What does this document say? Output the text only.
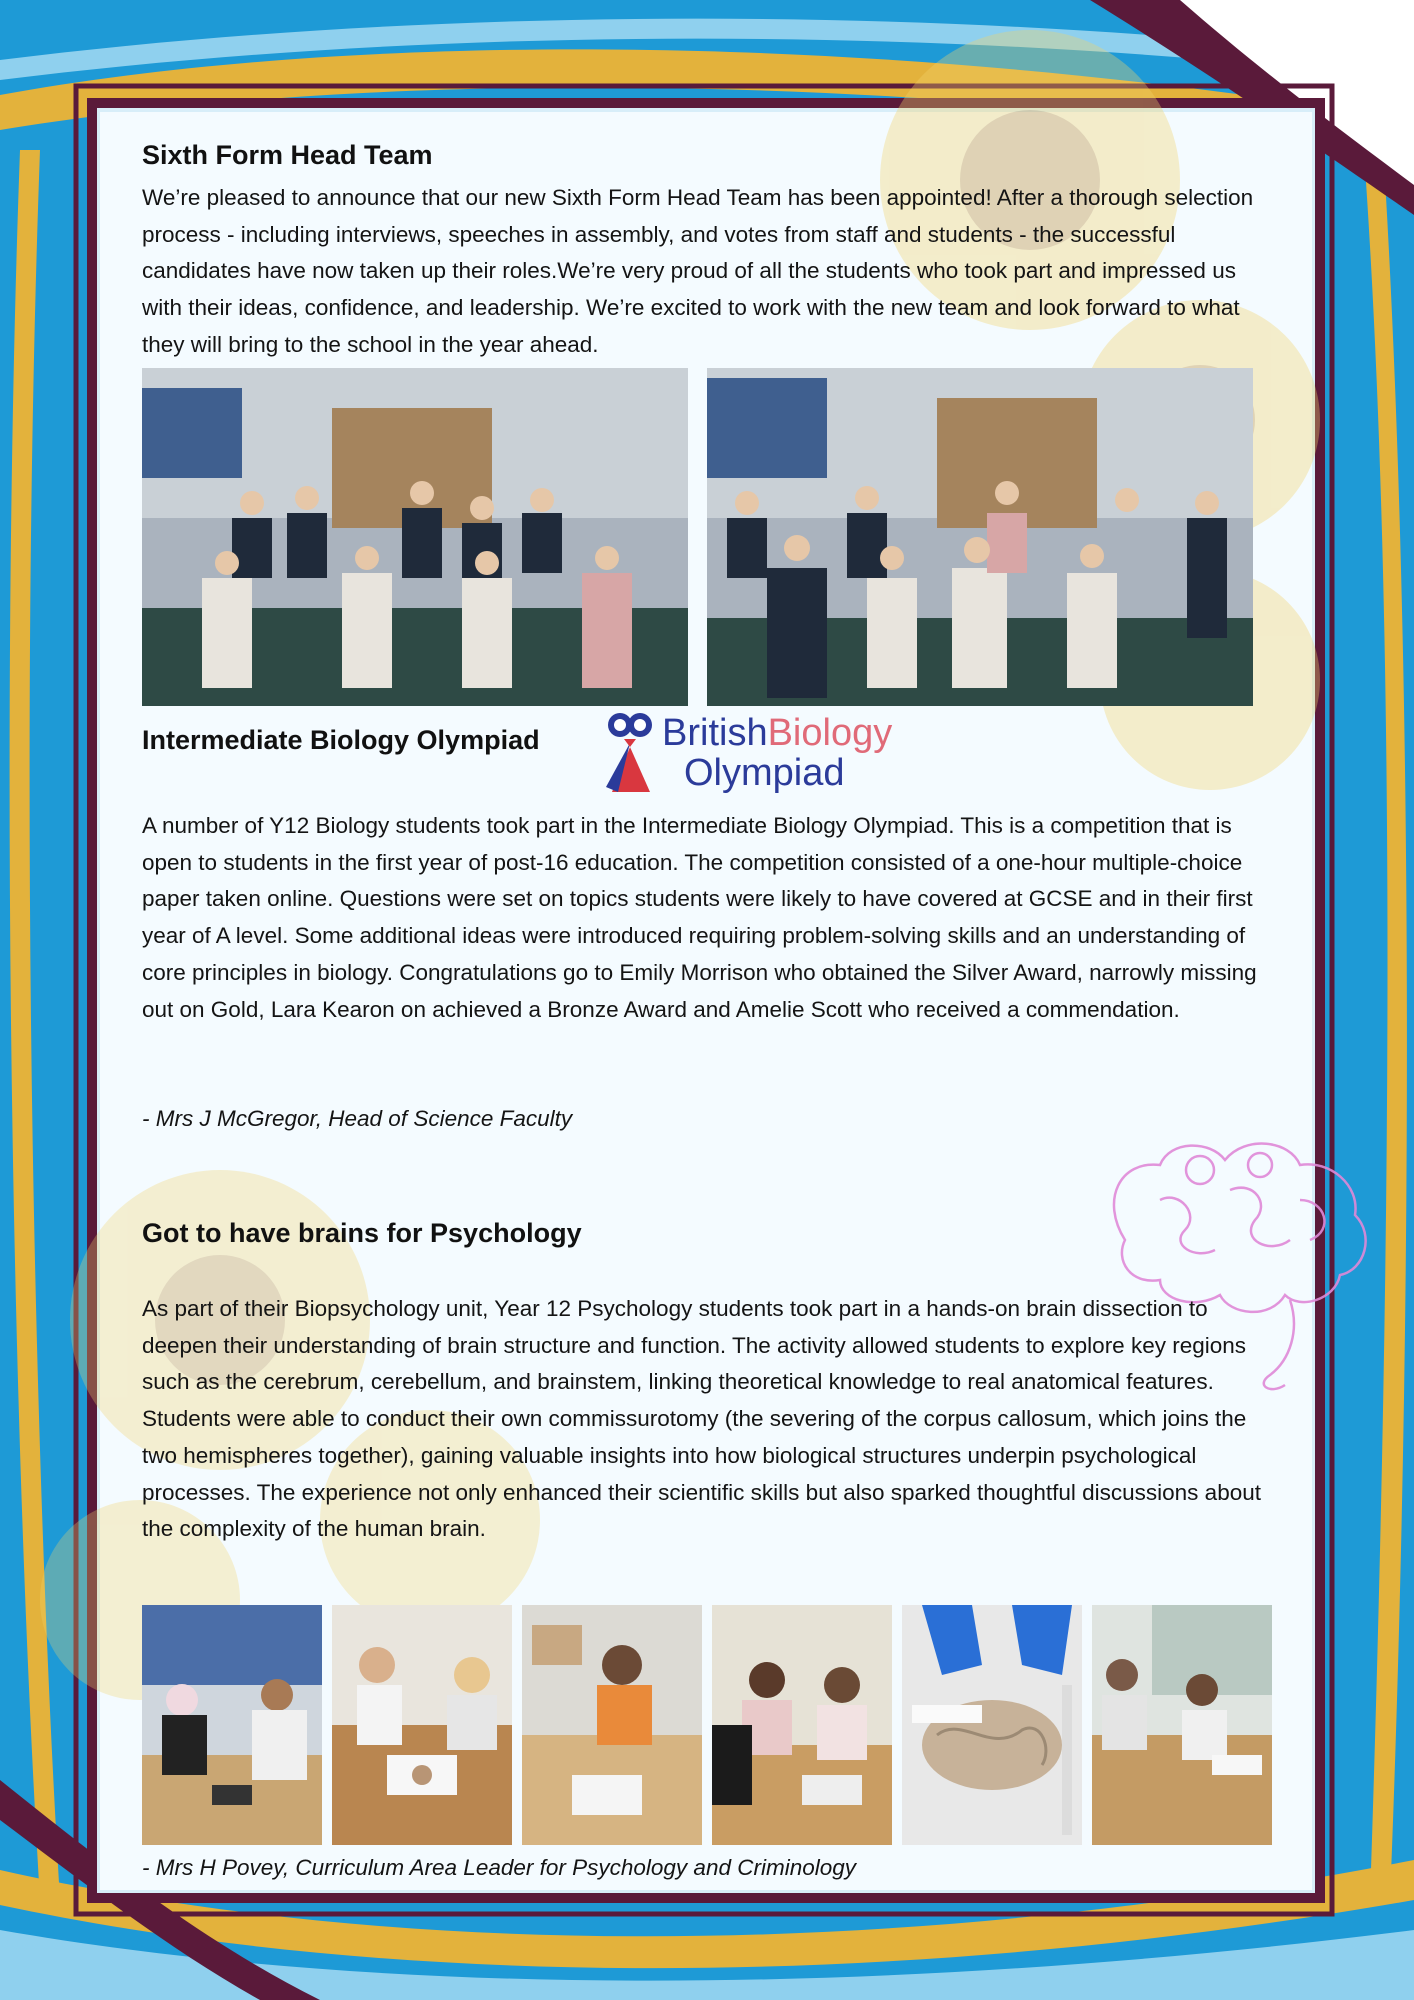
Sixth Form Head Team

We’re pleased to announce that our new Sixth Form Head Team has been appointed! After a thorough selection process - including interviews, speeches in assembly, and votes from staff and students - the successful candidates have now taken up their roles.We’re very proud of all the students who took part and impressed us with their ideas, confidence, and leadership. We’re excited to work with the new team and look forward to what they will bring to the school in the year ahead.

Intermediate Biology Olympiad	BritishBiology
Olympiad

A number of Y12 Biology students took part in the Intermediate Biology Olympiad. This is a competition that is open to students in the first year of post-16 education. The competition consisted of a one-hour multiple-choice paper taken online. Questions were set on topics students were likely to have covered at GCSE and in their first year of A level. Some additional ideas were introduced requiring problem-solving skills and an understanding of core principles in biology. Congratulations go to Emily Morrison who obtained the Silver Award, narrowly missing out on Gold, Lara Kearon on achieved a Bronze Award and Amelie Scott who received a commendation.

- Mrs J McGregor, Head of Science Faculty

Got to have brains for Psychology

As part of their Biopsychology unit, Year 12 Psychology students took part in a hands-on brain dissection to deepen their understanding of brain structure and function. The activity allowed students to explore key regions such as the cerebrum, cerebellum, and brainstem, linking theoretical knowledge to real anatomical features. Students were able to conduct their own commissurotomy (the severing of the corpus callosum, which joins the two hemispheres together), gaining valuable insights into how biological structures underpin psychological processes. The experience not only enhanced their scientific skills but also sparked thoughtful discussions about the complexity of the human brain.

- Mrs H Povey, Curriculum Area Leader for Psychology and Criminology
